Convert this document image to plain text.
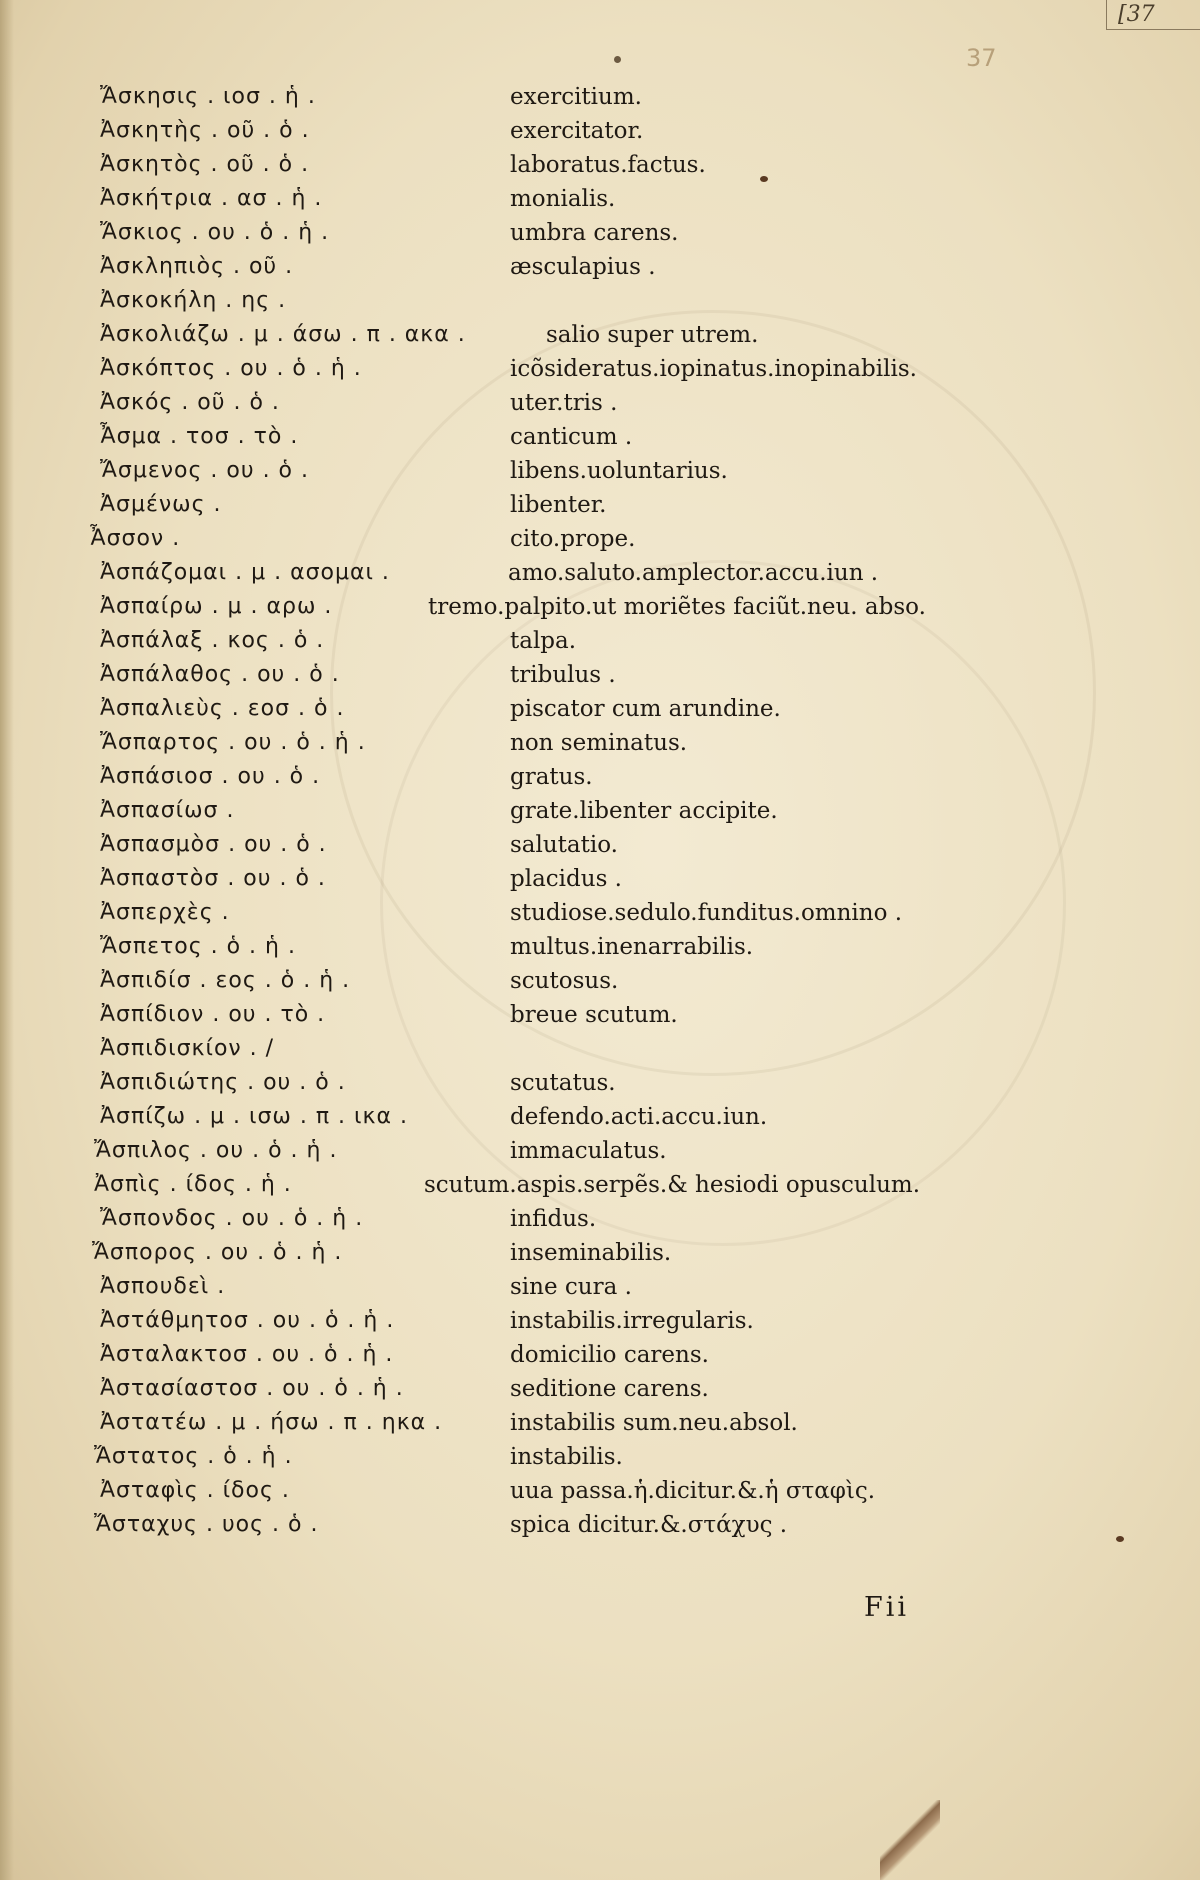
[37
37
Ἄσκησις . ιοσ . ἡ .	exercitium.
Ἀσκητὴς . οῦ . ὁ .	exercitator.
Ἀσκητὸς . οῦ . ὁ .	laboratus.factus.
Ἀσκήτρια . ασ . ἡ .	monialis.
Ἄσκιος . ου . ὁ . ἡ .	umbra carens.
Ἀσκληπιὸς . οῦ .	æsculapius .
Ἀσκοκήλη . ης .
Ἀσκολιάζω . μ . άσω . π . ακα .	salio super utrem.
Ἀσκόπτος . ου . ὁ . ἡ .	icõsideratus.iopinatus.inopinabilis.
Ἀσκός . οῦ . ὁ .	uter.tris .
Ἆσμα . τοσ . τὸ .	canticum .
Ἄσμενος . ου . ὁ .	libens.uoluntarius.
Ἀσμένως .	libenter.
Ἆσσον .	cito.prope.
Ἀσπάζομαι . μ . ασομαι .	amo.saluto.amplector.accu.iun .
Ἀσπαίρω . μ . αρω .	tremo.palpito.ut moriẽtes faciũt.neu. abso.
Ἀσπάλαξ . κος . ὁ .	talpa.
Ἀσπάλαθος . ου . ὁ .	tribulus .
Ἀσπαλιεὺς . εοσ . ὁ .	piscator cum arundine.
Ἄσπαρτος . ου . ὁ . ἡ .	non seminatus.
Ἀσπάσιοσ . ου . ὁ .	gratus.
Ἀσπασίωσ .	grate.libenter accipite.
Ἀσπασμὸσ . ου . ὁ .	salutatio.
Ἀσπαστὸσ . ου . ὁ .	placidus .
Ἀσπερχὲς .	studiose.sedulo.funditus.omnino .
Ἄσπετος . ὁ . ἡ .	multus.inenarrabilis.
Ἀσπιδίσ . εος . ὁ . ἡ .	scutosus.
Ἀσπίδιον . ου . τὸ .	breue scutum.
Ἀσπιδισκίον . /
Ἀσπιδιώτης . ου . ὁ .	scutatus.
Ἀσπίζω . μ . ισω . π . ικα .	defendo.acti.accu.iun.
Ἄσπιλος . ου . ὁ . ἡ .	immaculatus.
Ἀσπὶς . ίδος . ἡ .	scutum.aspis.serpẽs.& hesiodi opusculum.
Ἄσπονδος . ου . ὁ . ἡ .	infidus.
Ἄσπορος . ου . ὁ . ἡ .	inseminabilis.
Ἀσπουδεὶ .	sine cura .
Ἀστάθμητοσ . ου . ὁ . ἡ .	instabilis.irregularis.
Ἀσταλακτοσ . ου . ὁ . ἡ .	domicilio carens.
Ἀστασίαστοσ . ου . ὁ . ἡ .	seditione carens.
Ἀστατέω . μ . ήσω . π . ηκα .	instabilis sum.neu.absol.
Ἄστατος . ὁ . ἡ .	instabilis.
Ἀσταφὶς . ίδος .	uua passa.ἡ.dicitur.&.ἡ σταφὶς.
Ἄσταχυς . υος . ὁ .	spica dicitur.&.στάχυς .
Fii
